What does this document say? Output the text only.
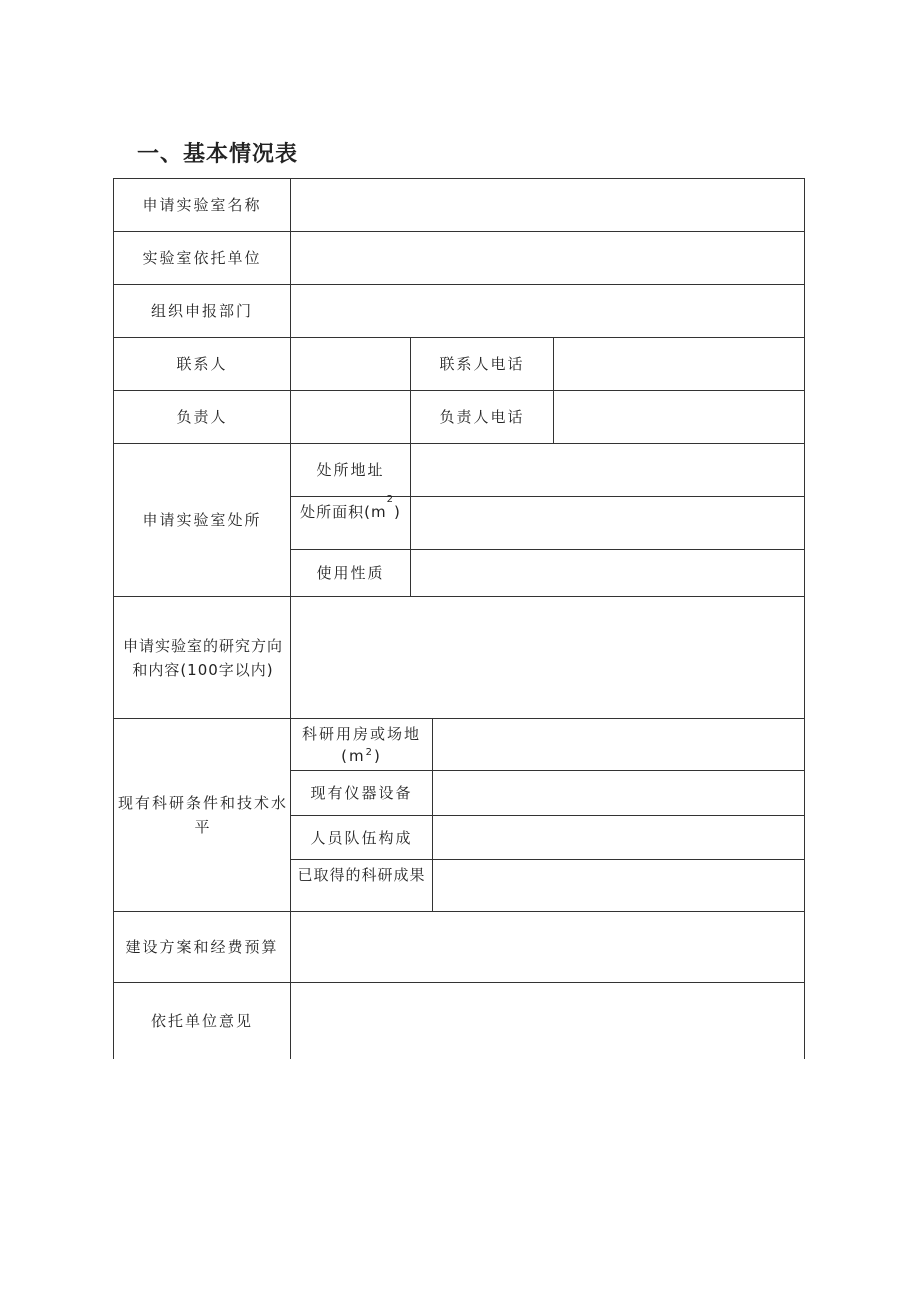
一、基本情况表
申请实验室名称
实验室依托单位
组织申报部门
联系人	联系人电话
负责人	负责人电话
申请实验室处所
处所地址
处所面积(m
2
)
使用性质
申请实验室的研究方向和内容(100字以内)
现有科研条件和技术水平
科研用房或场地
$(m^2)$
现有仪器设备
人员队伍构成
已取得的科研成果
建设方案和经费预算
依托单位意见
